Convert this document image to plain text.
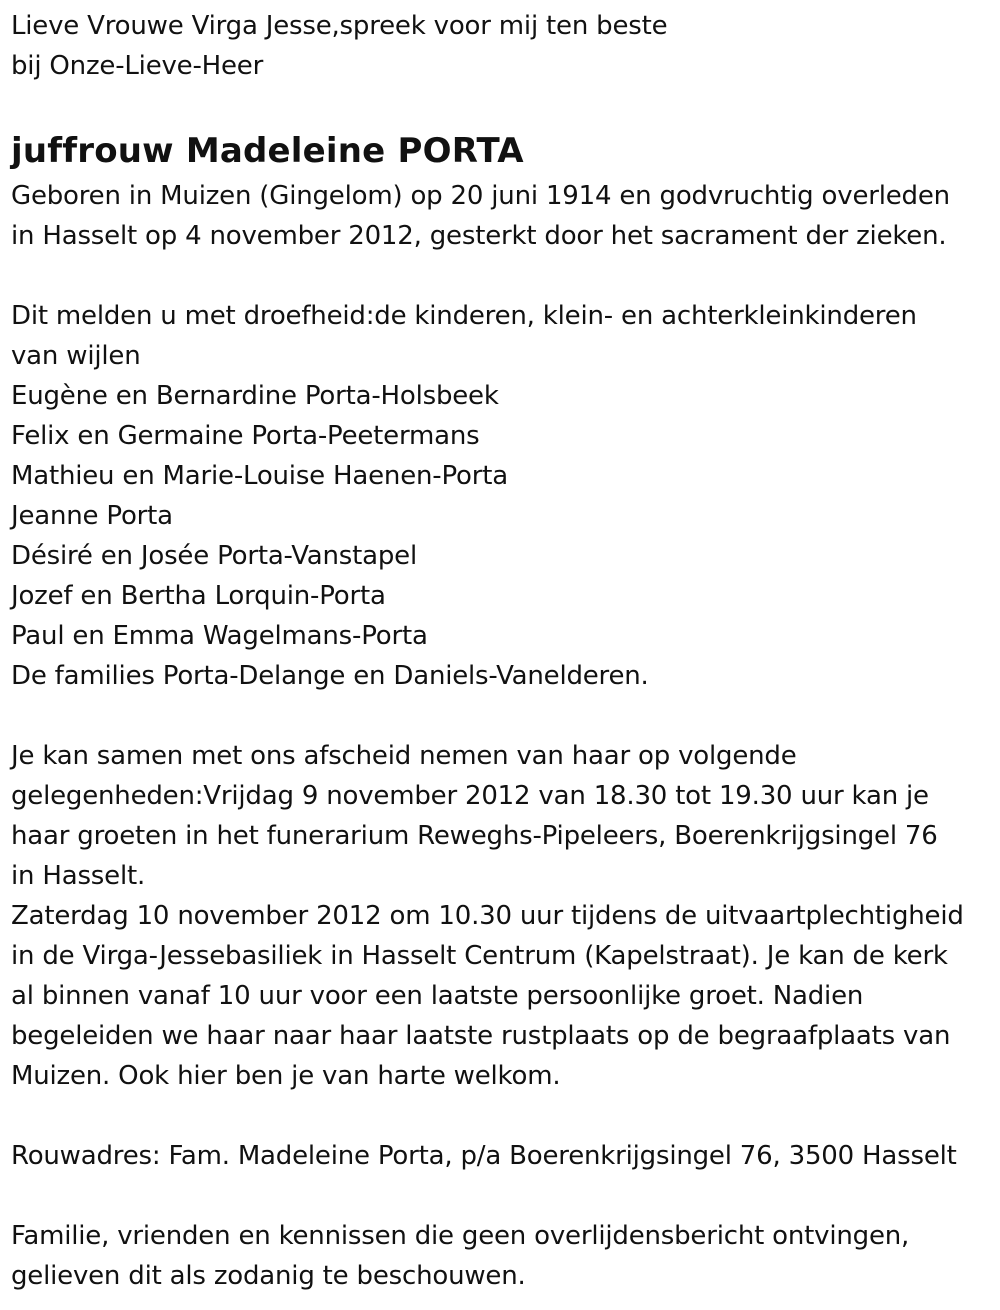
Lieve Vrouwe Virga Jesse,spreek voor mij ten beste
bij Onze-Lieve-Heer
juffrouw Madeleine PORTA
Geboren in Muizen (Gingelom) op 20 juni 1914 en godvruchtig overleden
in Hasselt op 4 november 2012, gesterkt door het sacrament der zieken.
Dit melden u met droefheid:de kinderen, klein- en achterkleinkinderen
van wijlen
Eugène en Bernardine Porta-Holsbeek
Felix en Germaine Porta-Peetermans
Mathieu en Marie-Louise Haenen-Porta
Jeanne Porta
Désiré en Josée Porta-Vanstapel
Jozef en Bertha Lorquin-Porta
Paul en Emma Wagelmans-Porta
De families Porta-Delange en Daniels-Vanelderen.
Je kan samen met ons afscheid nemen van haar op volgende
gelegenheden:Vrijdag 9 november 2012 van 18.30 tot 19.30 uur kan je
haar groeten in het funerarium Reweghs-Pipeleers, Boerenkrijgsingel 76
in Hasselt.
Zaterdag 10 november 2012 om 10.30 uur tijdens de uitvaartplechtigheid
in de Virga-Jessebasiliek in Hasselt Centrum (Kapelstraat). Je kan de kerk
al binnen vanaf 10 uur voor een laatste persoonlijke groet. Nadien
begeleiden we haar naar haar laatste rustplaats op de begraafplaats van
Muizen. Ook hier ben je van harte welkom.
Rouwadres: Fam. Madeleine Porta, p/a Boerenkrijgsingel 76, 3500 Hasselt
Familie, vrienden en kennissen die geen overlijdensbericht ontvingen,
gelieven dit als zodanig te beschouwen.
